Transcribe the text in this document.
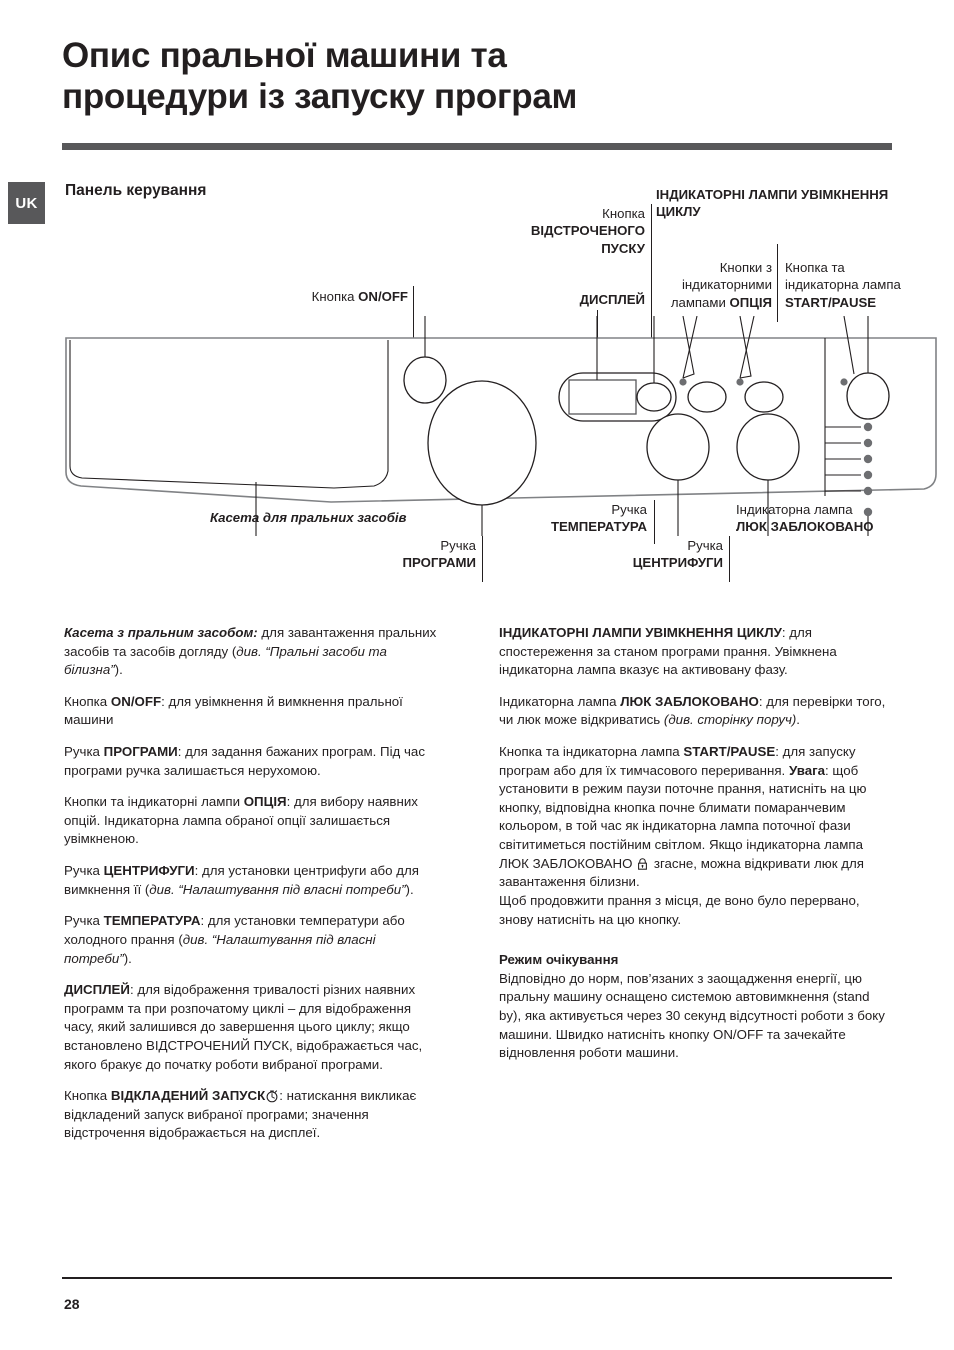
Опис пральної машини та
процедури із запуску програм
UK
Панель керування
Кнопка ON/OFF
Кнопка
ВІДСТРОЧЕНОГО
ПУСКУ
ДИСПЛЕЙ
ІНДИКАТОРНІ ЛАМПИ УВІМКНЕННЯ
ЦИКЛУ
Кнопки з
індикаторними
лампами ОПЦІЯ
Кнопка та
індикаторна лампа
START/PAUSE
Касета для пральних засобів
Ручка
ПРОГРАМИ
Ручка
ТЕМПЕРАТУРА
Ручка
ЦЕНТРИФУГИ
Індикаторна лампа
ЛЮК ЗАБЛОКОВАНО

Касета з пральним засобом: для завантаження пральних засобів та засобів догляду (див. “Пральні засоби та білизна”).

Кнопка ON/OFF: для увімкнення й вимкнення пральної машини

Ручка ПРОГРАМИ: для задання бажаних програм. Під час програми ручка залишається нерухомою.

Кнопки та індикаторні лампи ОПЦІЯ: для вибору наявних опцій. Індикаторна лампа обраної опції залишається увімкненою.

Ручка ЦЕНТРИФУГИ: для установки центрифуги або для вимкнення її (див. “Налаштування під власні потреби”).

Ручка ТЕМПЕРАТУРА: для установки температури або холодного прання (див. “Налаштування під власні потреби”).

ДИСПЛЕЙ: для відображення тривалості різних наявних программ та при розпочатому циклі – для відображення часу, який залишився до завершення цього циклу; якщо встановлено ВІДСТРОЧЕНИЙ ПУСК, відображається час, якого бракує до початку роботи вибраної програми.

Кнопка ВІДКЛАДЕНИЙ ЗАПУСК : натискання викликає відкладений запуск вибраної програми; значення відстрочення відображається на дисплеї.

ІНДИКАТОРНІ ЛАМПИ УВІМКНЕННЯ ЦИКЛУ: для спостереження за станом програми прання. Увімкнена індикаторна лампа вказує на активовану фазу.

Індикаторна лампа ЛЮК ЗАБЛОКОВАНО: для перевірки того, чи люк може відкриватись (див. сторінку поруч).

Кнопка та індикаторна лампа START/PAUSE: для запуску програм або для їх тимчасового переривання. Увага: щоб установити в режим паузи поточне прання, натисніть на цю кнопку, відповідна кнопка почне блимати помаранчевим кольором, в той час як індикаторна лампа поточної фази світитиметься постійним світлом. Якщо індикаторна лампа ЛЮК ЗАБЛОКОВАНО  згасне, можна відкривати люк для завантаження білизни.
Щоб продовжити прання з місця, де воно було перервано, знову натисніть на цю кнопку.

Режим очікування
Відповідно до норм, пов’язаних з заощадження енергії, цю пральну машину оснащено системою автовимкнення (stand by), яка активується через 30 секунд відсутності роботи з боку машини. Швидко натисніть кнопку ON/OFF та зачекайте відновлення роботи машини.

28
